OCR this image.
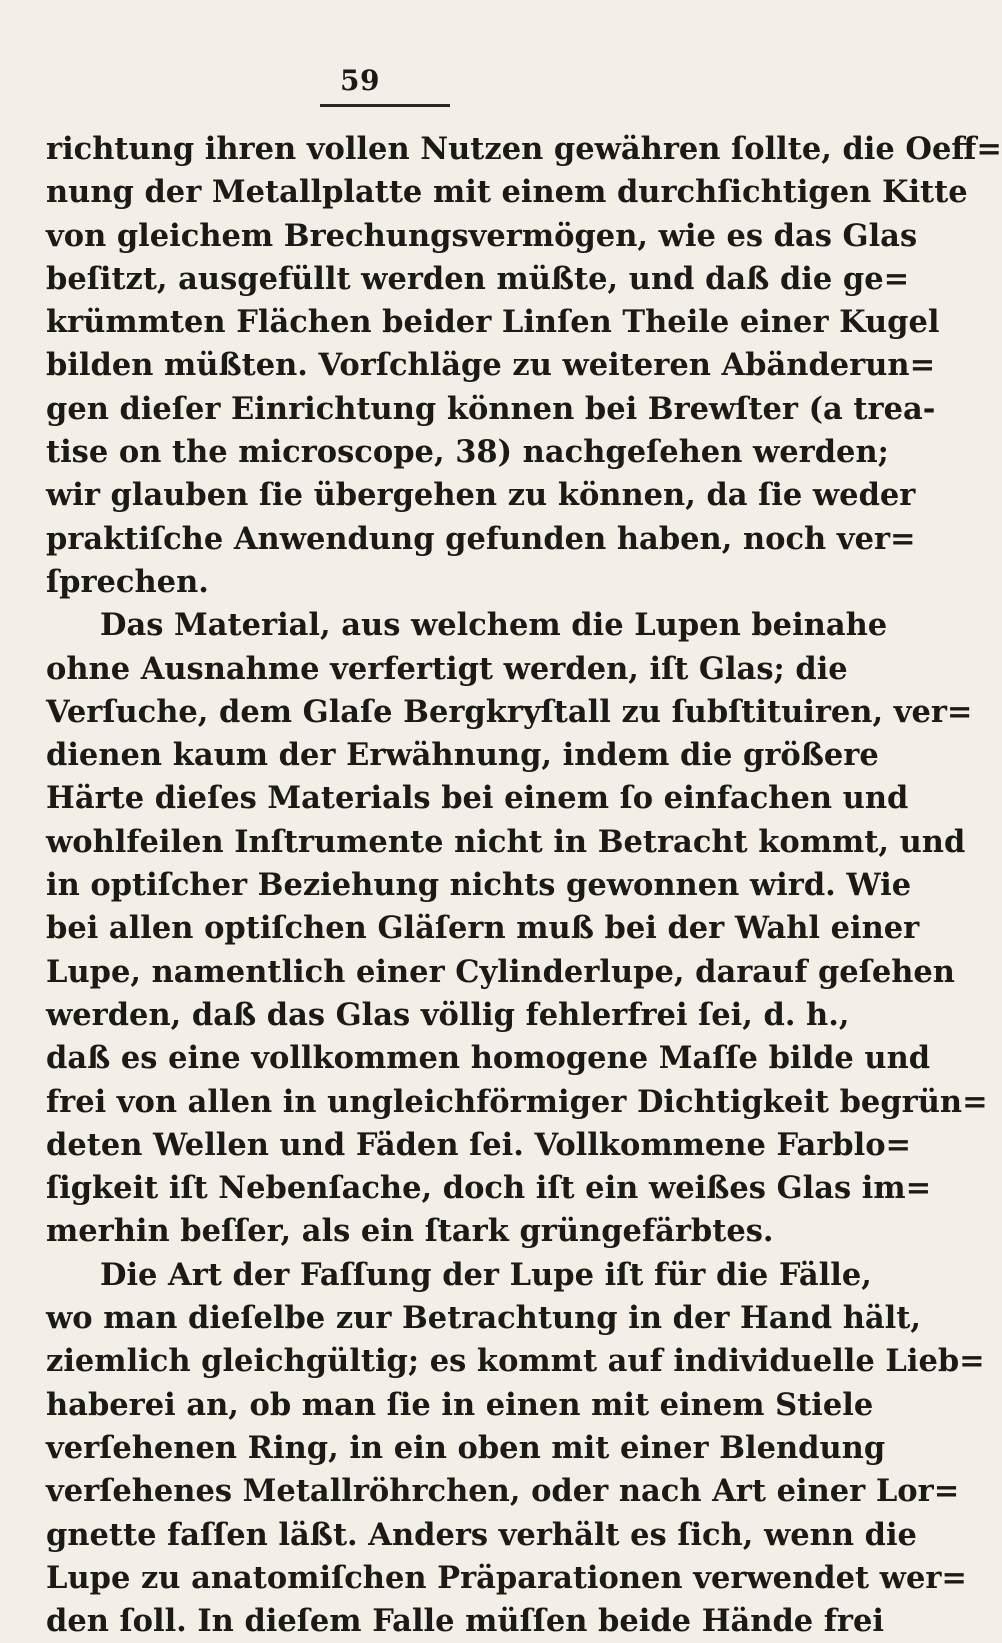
59
richtung ihren vollen Nutzen gewähren ſollte, die Oeff=
nung der Metallplatte mit einem durchſichtigen Kitte
von gleichem Brechungsvermögen, wie es das Glas
beſitzt, ausgefüllt werden müßte, und daß die ge=
krümmten Flächen beider Linſen Theile einer Kugel
bilden müßten. Vorſchläge zu weiteren Abänderun=
gen dieſer Einrichtung können bei Brewſter (a trea-
tise on the microscope, 38) nachgeſehen werden;
wir glauben ſie übergehen zu können, da ſie weder
praktiſche Anwendung gefunden haben, noch ver=
ſprechen.
Das Material, aus welchem die Lupen beinahe
ohne Ausnahme verfertigt werden, iſt Glas; die
Verſuche, dem Glaſe Bergkryſtall zu ſubſtituiren, ver=
dienen kaum der Erwähnung, indem die größere
Härte dieſes Materials bei einem ſo einfachen und
wohlfeilen Inſtrumente nicht in Betracht kommt, und
in optiſcher Beziehung nichts gewonnen wird. Wie
bei allen optiſchen Gläſern muß bei der Wahl einer
Lupe, namentlich einer Cylinderlupe, darauf geſehen
werden, daß das Glas völlig fehlerfrei ſei, d. h.,
daß es eine vollkommen homogene Maſſe bilde und
frei von allen in ungleichförmiger Dichtigkeit begrün=
deten Wellen und Fäden ſei. Vollkommene Farblo=
ſigkeit iſt Nebenſache, doch iſt ein weißes Glas im=
merhin beſſer, als ein ſtark grüngefärbtes.
Die Art der Faſſung der Lupe iſt für die Fälle,
wo man dieſelbe zur Betrachtung in der Hand hält,
ziemlich gleichgültig; es kommt auf individuelle Lieb=
haberei an, ob man ſie in einen mit einem Stiele
verſehenen Ring, in ein oben mit einer Blendung
verſehenes Metallröhrchen, oder nach Art einer Lor=
gnette faſſen läßt. Anders verhält es ſich, wenn die
Lupe zu anatomiſchen Präparationen verwendet wer=
den ſoll. In dieſem Falle müſſen beide Hände frei
